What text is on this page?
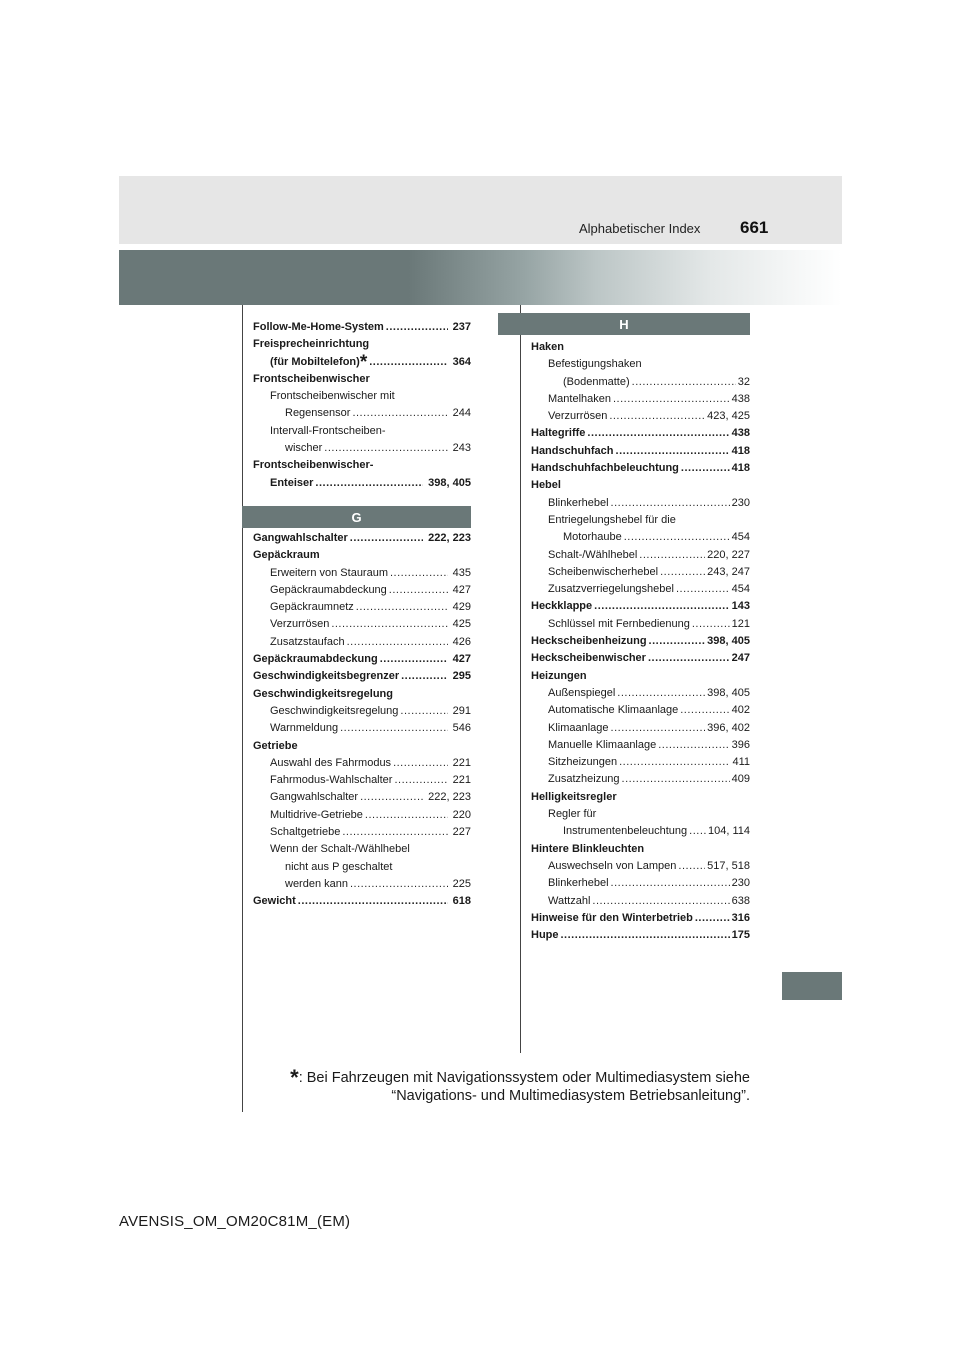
Alphabetischer Index 661
Follow-Me-Home-System .....	237
Freisprecheinrichtung
(für Mobiltelefon)* .....	364
Frontscheibenwischer
Frontscheibenwischer mit
Regensensor .....	244
Intervall-Frontscheiben-
wischer .....	243
Frontscheibenwischer-
Enteiser .....	398, 405
G
Gangwahlschalter .....	222, 223
Gepäckraum
Erweitern von Stauraum .....	435
Gepäckraumabdeckung .....	427
Gepäckraumnetz .....	429
Verzurrösen .....	425
Zusatzstaufach .....	426
Gepäckraumabdeckung .....	427
Geschwindigkeitsbegrenzer .....	295
Geschwindigkeitsregelung
Geschwindigkeitsregelung .....	291
Warnmeldung .....	546
Getriebe
Auswahl des Fahrmodus .....	221
Fahrmodus-Wahlschalter .....	221
Gangwahlschalter .....	222, 223
Multidrive-Getriebe .....	220
Schaltgetriebe .....	227
Wenn der Schalt-/Wählhebel
nicht aus P geschaltet
werden kann .....	225
Gewicht .....	618
H
Haken
Befestigungshaken
(Bodenmatte) .....	32
Mantelhaken .....	438
Verzurrösen .....	423, 425
Haltegriffe .....	438
Handschuhfach .....	418
Handschuhfachbeleuchtung .....	418
Hebel
Blinkerhebel .....	230
Entriegelungshebel für die
Motorhaube .....	454
Schalt-/Wählhebel .....	220, 227
Scheibenwischerhebel .....	243, 247
Zusatzverriegelungshebel .....	454
Heckklappe .....	143
Schlüssel mit Fernbedienung .....	121
Heckscheibenheizung .....	398, 405
Heckscheibenwischer .....	247
Heizungen
Außenspiegel .....	398, 405
Automatische Klimaanlage .....	402
Klimaanlage .....	396, 402
Manuelle Klimaanlage .....	396
Sitzheizungen .....	411
Zusatzheizung .....	409
Helligkeitsregler
Regler für
Instrumentenbeleuchtung ..... 104, 114
Hintere Blinkleuchten
Auswechseln von Lampen .....	517, 518
Blinkerhebel .....	230
Wattzahl .....	638
Hinweise für den Winterbetrieb .....	316
Hupe .....	175
*: Bei Fahrzeugen mit Navigationssystem oder Multimediasystem siehe
“Navigations- und Multimediasystem Betriebsanleitung”.
AVENSIS_OM_OM20C81M_(EM)
